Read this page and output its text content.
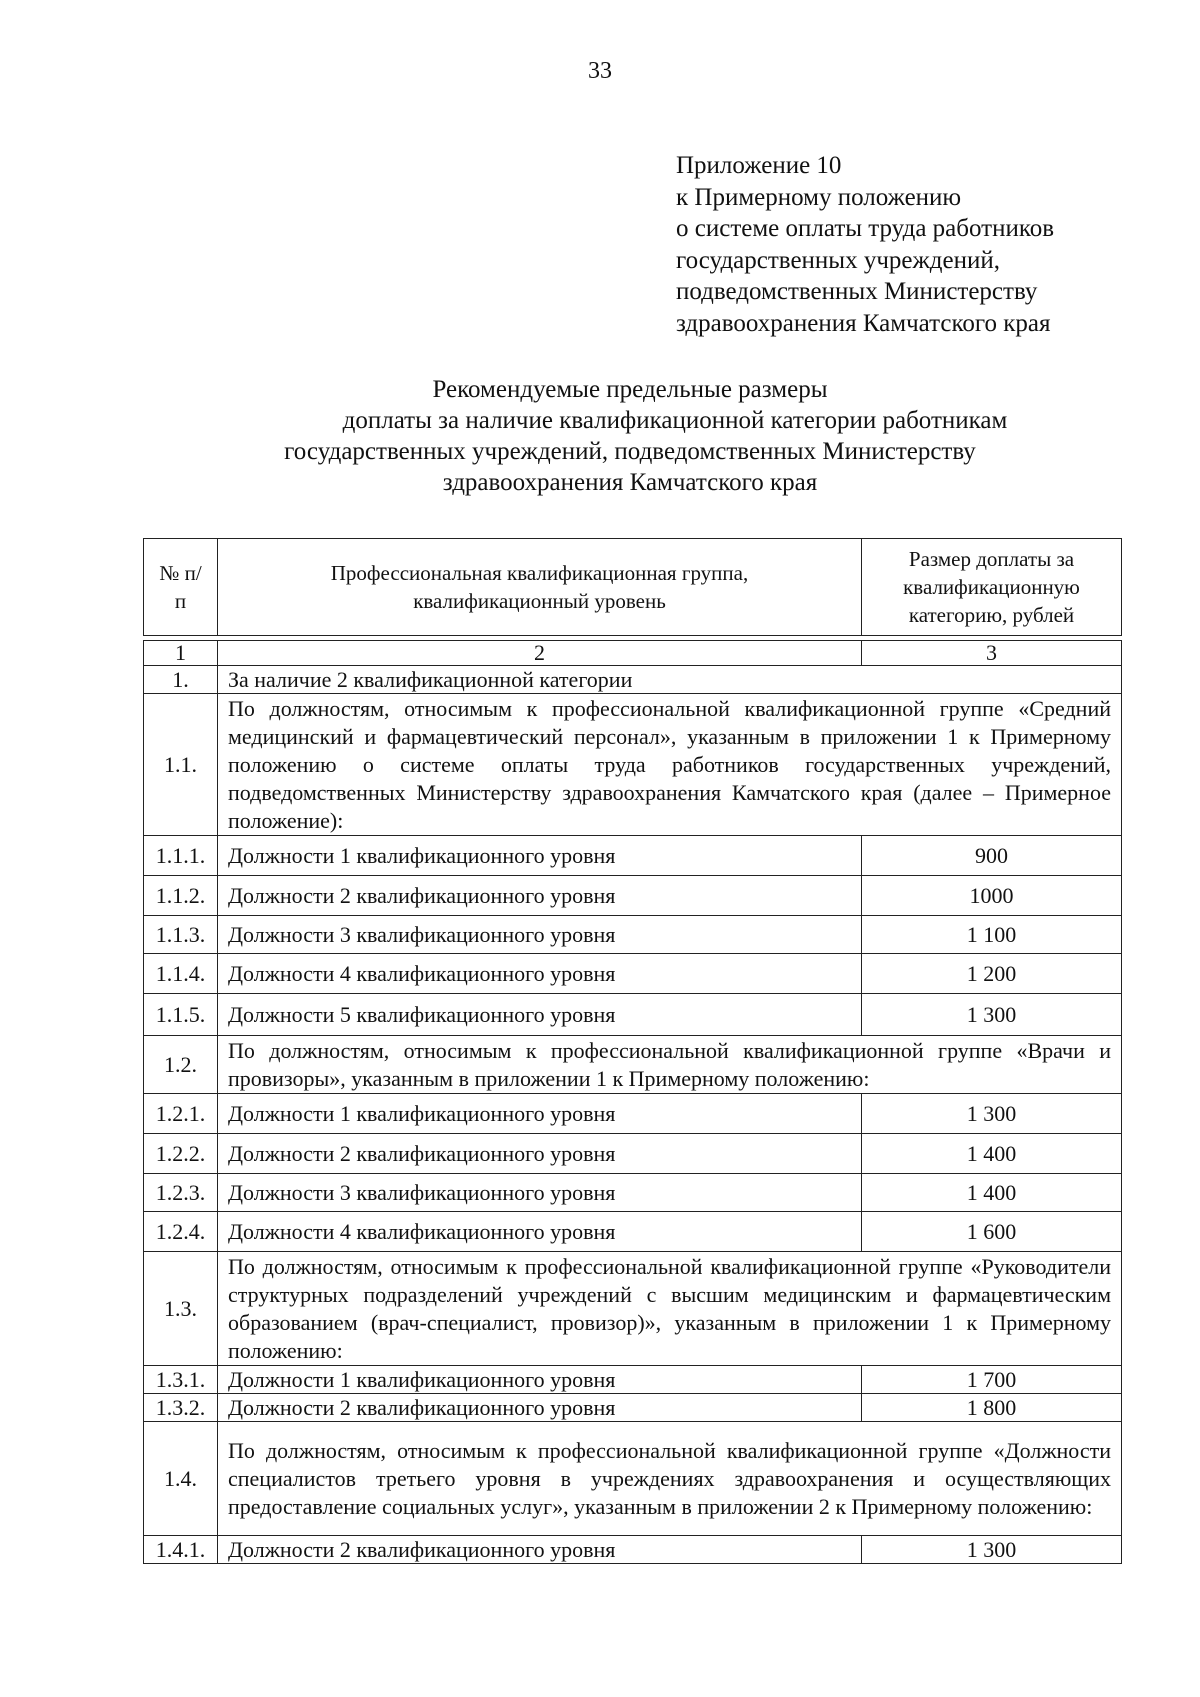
33
Приложение 10
к Примерному положению
о системе оплаты труда работников
государственных учреждений,
подведомственных Министерству
здравоохранения Камчатского края
Рекомендуемые предельные размеры
доплаты за наличие квалификационной категории работникам
государственных учреждений, подведомственных Министерству
здравоохранения Камчатского края
№ п/п	Профессиональная квалификационная группа, квалификационный уровень	Размер доплаты за квалификационную категорию, рублей

1	2	3
1.	За наличие 2 квалификационной категории	
1.1.	По должностям, относимым к профессиональной квалификационной группе «Средний медицинский и фармацевтический персонал», указанным в приложении 1 к Примерному положению о системе оплаты труда работников государственных учреждений, подведомственных Министерству здравоохранения Камчатского края (далее – Примерное положение):	
1.1.1.	Должности 1 квалификационного уровня	900
1.1.2.	Должности 2 квалификационного уровня	1000
1.1.3.	Должности 3 квалификационного уровня	1 100
1.1.4.	Должности 4 квалификационного уровня	1 200
1.1.5.	Должности 5 квалификационного уровня	1 300
1.2.	По должностям, относимым к профессиональной квалификационной группе «Врачи и провизоры», указанным в приложении 1 к Примерному положению:	
1.2.1.	Должности 1 квалификационного уровня	1 300
1.2.2.	Должности 2 квалификационного уровня	1 400
1.2.3.	Должности 3 квалификационного уровня	1 400
1.2.4.	Должности 4 квалификационного уровня	1 600
1.3.	По должностям, относимым к профессиональной квалификационной группе «Руководители структурных подразделений учреждений с высшим медицинским и фармацевтическим образованием (врач-специалист, провизор)», указанным в приложении 1 к Примерному положению:	
1.3.1.	Должности 1 квалификационного уровня	1 700
1.3.2.	Должности 2 квалификационного уровня	1 800
1.4.	По должностям, относимым к профессиональной квалификационной группе «Должности специалистов третьего уровня в учреждениях здравоохранения и осуществляющих предоставление социальных услуг», указанным в приложении 2 к Примерному положению:	
1.4.1.	Должности 2 квалификационного уровня	1 300
